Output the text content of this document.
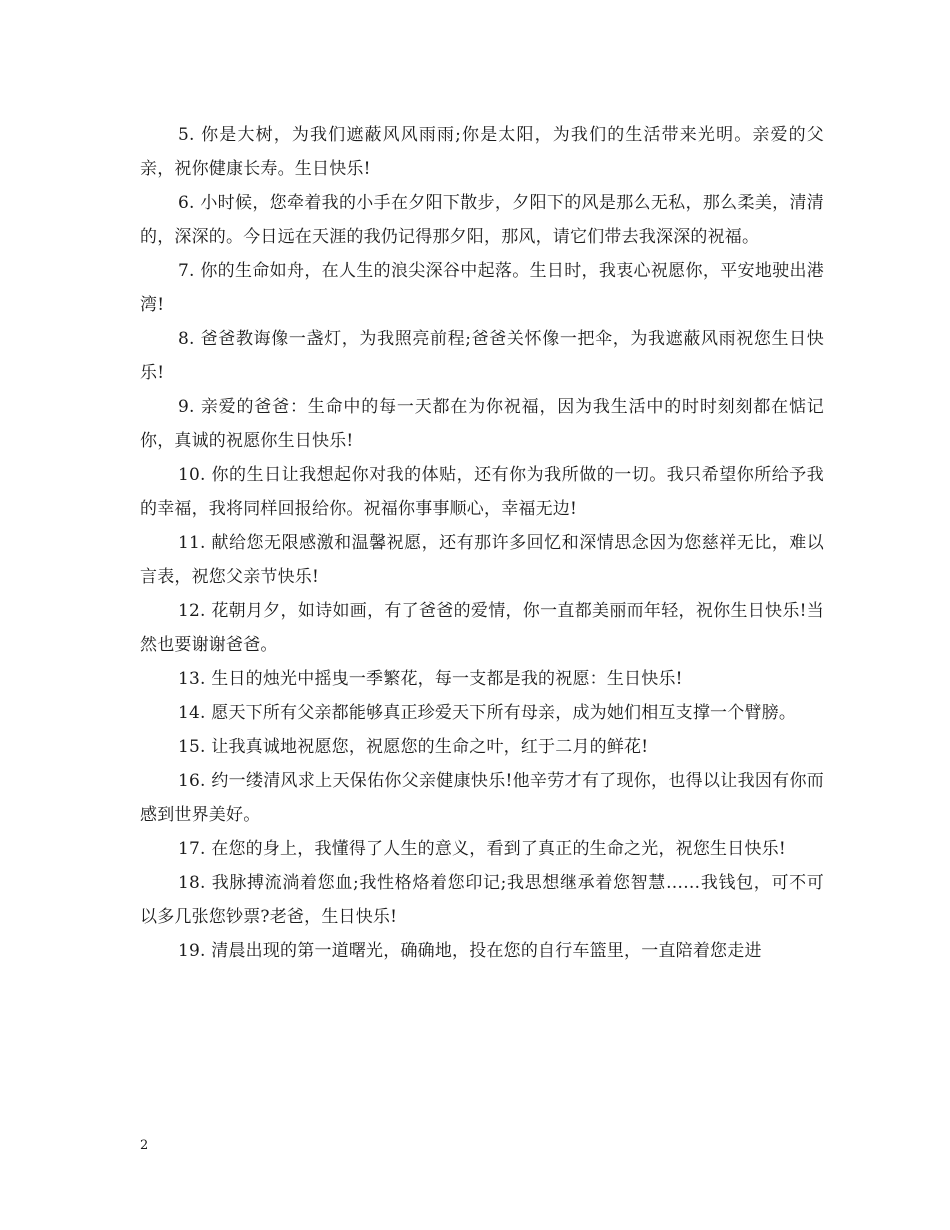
5. 你是大树，为我们遮蔽风风雨雨;你是太阳，为我们的生活带来光明。亲爱的父亲，祝你健康长寿。生日快乐!

6. 小时候，您牵着我的小手在夕阳下散步，夕阳下的风是那么无私，那么柔美，清清的，深深的。今日远在天涯的我仍记得那夕阳，那风，请它们带去我深深的祝福。

7. 你的生命如舟，在人生的浪尖深谷中起落。生日时，我衷心祝愿你，平安地驶出港湾!

8. 爸爸教诲像一盏灯，为我照亮前程;爸爸关怀像一把伞，为我遮蔽风雨祝您生日快乐!

9. 亲爱的爸爸：生命中的每一天都在为你祝福，因为我生活中的时时刻刻都在惦记你，真诚的祝愿你生日快乐!

10. 你的生日让我想起你对我的体贴，还有你为我所做的一切。我只希望你所给予我的幸福，我将同样回报给你。祝福你事事顺心，幸福无边!

11. 献给您无限感激和温馨祝愿，还有那许多回忆和深情思念因为您慈祥无比，难以言表，祝您父亲节快乐!

12. 花朝月夕，如诗如画，有了爸爸的爱情，你一直都美丽而年轻，祝你生日快乐!当然也要谢谢爸爸。

13. 生日的烛光中摇曳一季繁花，每一支都是我的祝愿：生日快乐!

14. 愿天下所有父亲都能够真正珍爱天下所有母亲，成为她们相互支撑一个臂膀。

15. 让我真诚地祝愿您，祝愿您的生命之叶，红于二月的鲜花!

16. 约一缕清风求上天保佑你父亲健康快乐!他辛劳才有了现你，也得以让我因有你而感到世界美好。

17. 在您的身上，我懂得了人生的意义，看到了真正的生命之光，祝您生日快乐!

18. 我脉搏流淌着您血;我性格烙着您印记;我思想继承着您智慧……我钱包，可不可以多几张您钞票?老爸，生日快乐!

19. 清晨出现的第一道曙光，确确地，投在您的自行车篮里，一直陪着您走进

2
